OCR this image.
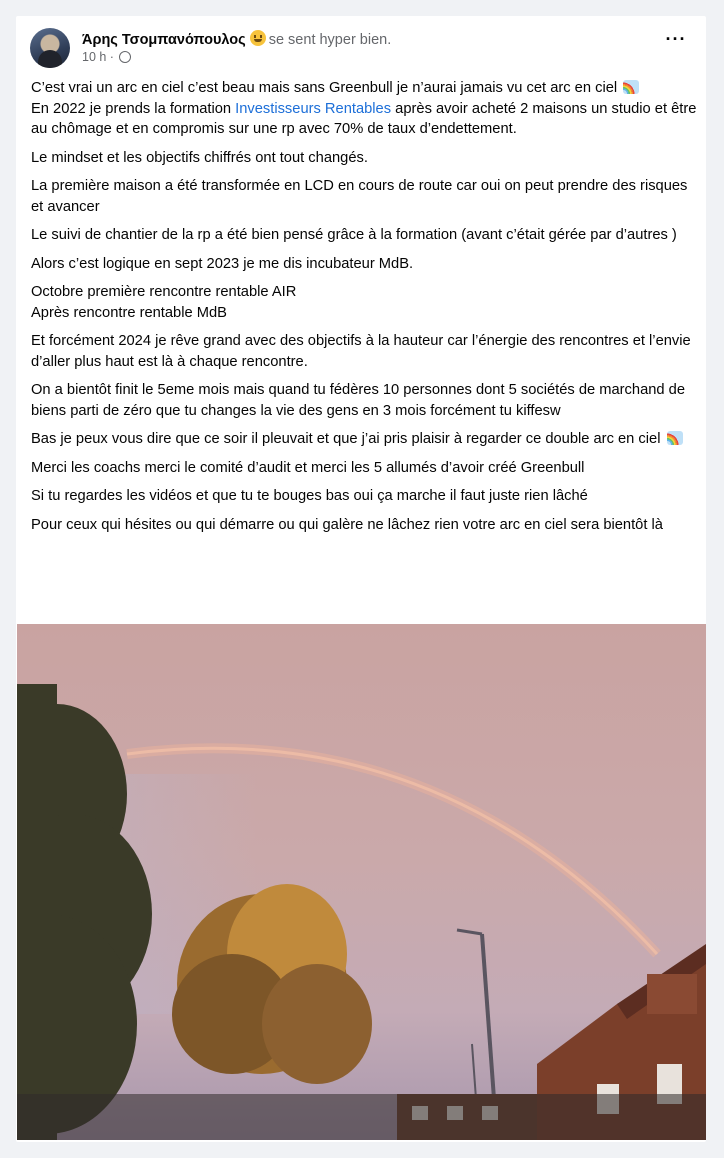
Άρης Τσομπανόπουλος se sent hyper bien.
10 h ·
···

C’est vrai un arc en ciel c’est beau mais sans Greenbull je n’aurai jamais vu cet arc en ciel
En 2022 je prends la formation Investisseurs Rentables après avoir acheté 2 maisons un studio et être au chômage et en compromis sur une rp avec 70% de taux d’endettement.

Le mindset et les objectifs chiffrés ont tout changés.

La première maison a été transformée en LCD en cours de route car oui on peut prendre des risques et avancer

Le suivi de chantier de la rp a été bien pensé grâce à la formation (avant c’était gérée par d’autres )

Alors c’est logique en sept 2023 je me dis incubateur MdB.

Octobre première rencontre rentable AIR
Après rencontre rentable MdB

Et forcément 2024 je rêve grand avec des objectifs à la hauteur car l’énergie des rencontres et l’envie d’aller plus haut est là à chaque rencontre.

On a bientôt finit le 5eme mois mais quand tu fédères 10 personnes dont 5 sociétés de marchand de biens parti de zéro que tu changes la vie des gens en 3 mois forcément tu kiffesw

Bas je peux vous dire que ce soir il pleuvait et que j’ai pris plaisir à regarder ce double arc en ciel

Merci les coachs merci le comité d’audit et merci les 5 allumés d’avoir créé Greenbull

Si tu regardes les vidéos et que tu te bouges bas oui ça marche il faut juste rien lâché

Pour ceux qui hésites ou qui démarre ou qui galère ne lâchez rien votre arc en ciel sera bientôt là
